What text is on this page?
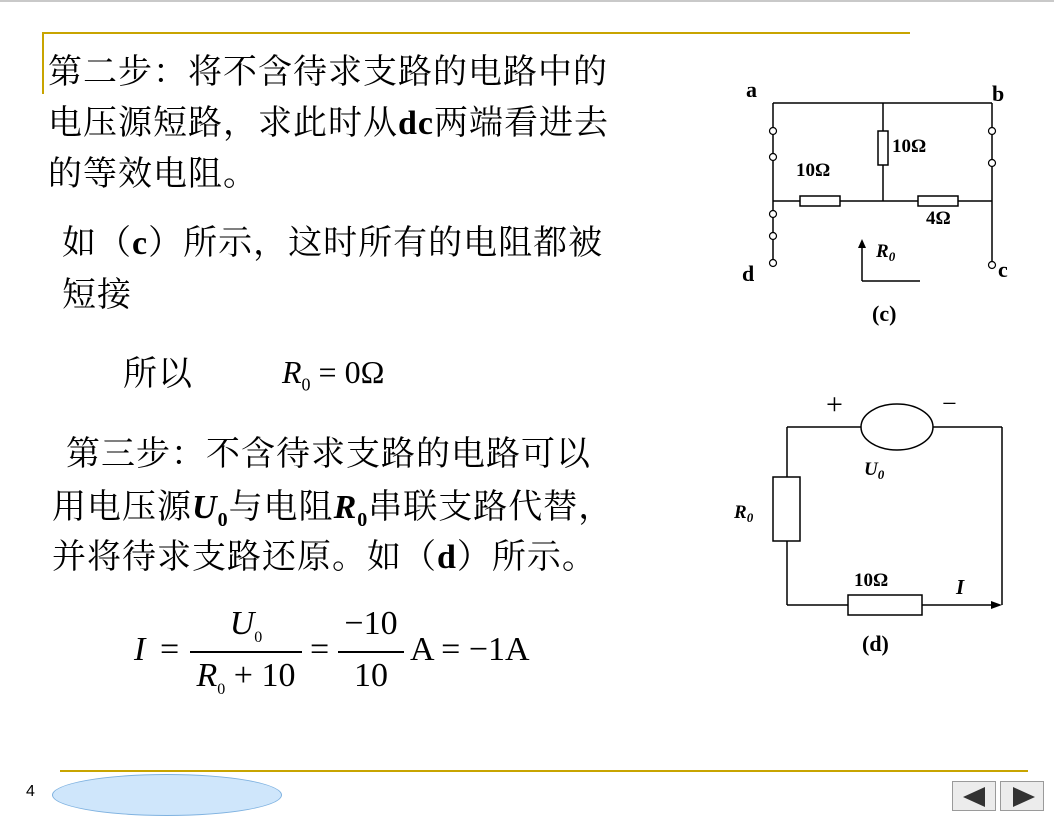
第二步：将不含待求支路的电路中的
电压源短路，求此时从dc两端看进去
的等效电阻。
如（c）所示，这时所有的电阻都被
短接
所以	$R_0 = 0\Omega$
第三步：不含待求支路的电路可以
用电压源$U_0$与电阻$R_0$串联支路代替，
并将待求支路还原。如（d）所示。
I =
$U_0$
$R_0 + 10$
=
−10
10
A = −1A
a	b
d	c
10Ω
10Ω
4Ω
$R_0$
(c)
+	−
$U_0$
$R_0$
10Ω	I
(d)
4
